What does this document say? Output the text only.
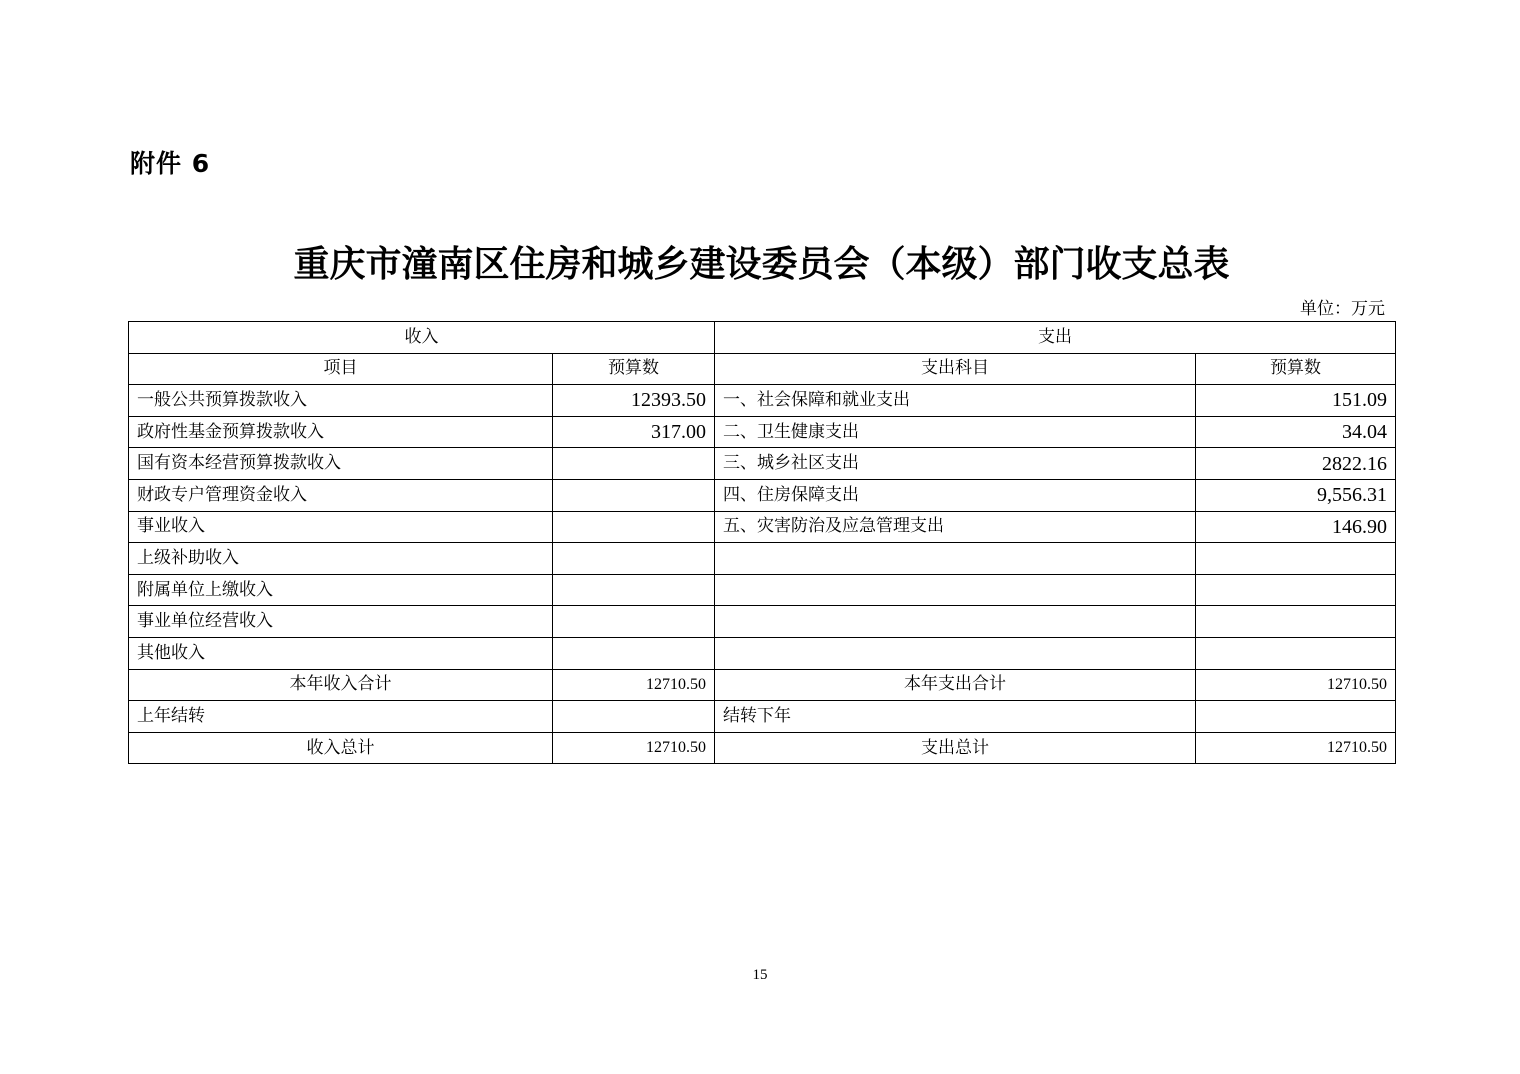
附件 6
重庆市潼南区住房和城乡建设委员会（本级）部门收支总表
单位：万元
收入		支出	
项目	预算数	支出科目	预算数
一般公共预算拨款收入	12393.50	一、社会保障和就业支出	151.09
政府性基金预算拨款收入	317.00	二、卫生健康支出	34.04
国有资本经营预算拨款收入		三、城乡社区支出	2822.16
财政专户管理资金收入		四、住房保障支出	9,556.31
事业收入		五、灾害防治及应急管理支出	146.90
上级补助收入			
附属单位上缴收入			
事业单位经营收入			
其他收入			
本年收入合计	12710.50	本年支出合计	12710.50
上年结转		结转下年	
收入总计	12710.50	支出总计	12710.50
15
